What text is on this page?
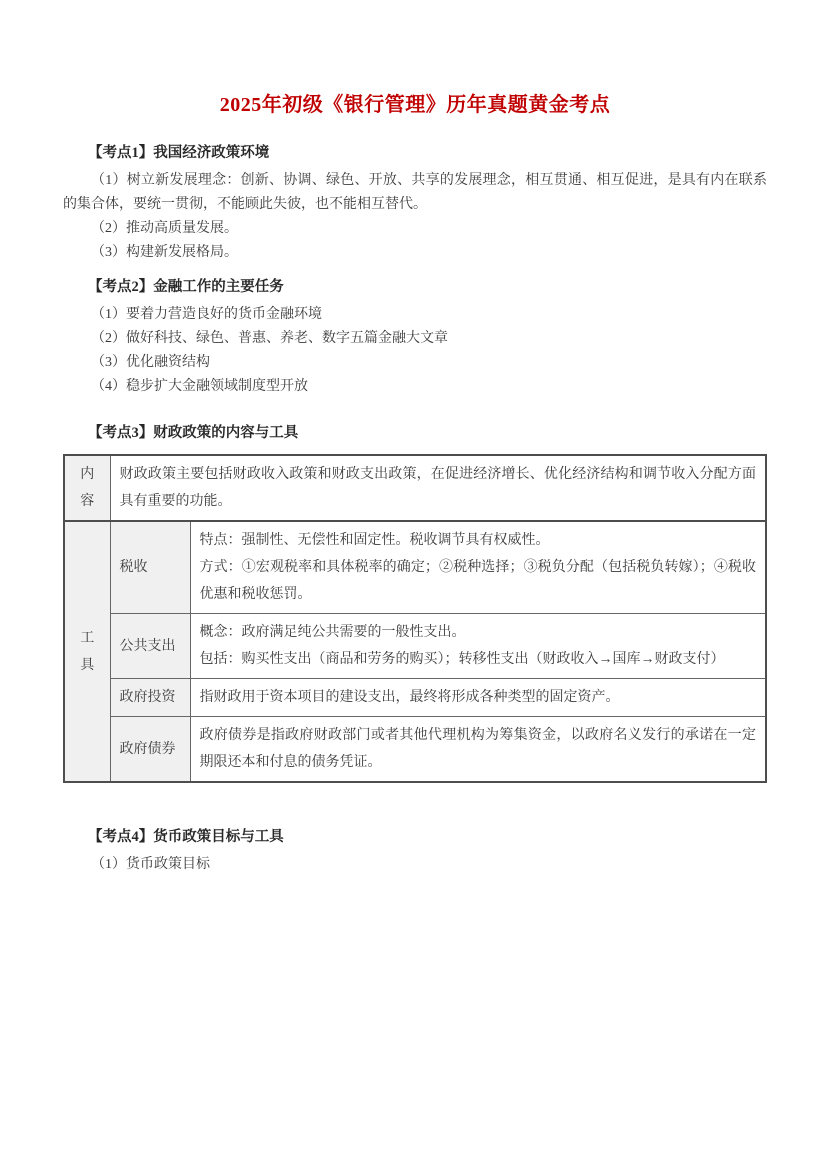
2025年初级《银行管理》历年真题黄金考点
【考点1】我国经济政策环境

（1）树立新发展理念：创新、协调、绿色、开放、共享的发展理念，相互贯通、相互促进，是具有内在联系的集合体，要统一贯彻，不能顾此失彼，也不能相互替代。

（2）推动高质量发展。

（3）构建新发展格局。

【考点2】金融工作的主要任务

（1）要着力营造良好的货币金融环境

（2）做好科技、绿色、普惠、养老、数字五篇金融大文章

（3）优化融资结构

（4）稳步扩大金融领域制度型开放

【考点3】财政政策的内容与工具
内容	财政政策主要包括财政收入政策和财政支出政策，在促进经济增长、优化经济结构和调节收入分配方面具有重要的功能。	
工具	税收	特点：强制性、无偿性和固定性。税收调节具有权威性。
方式：①宏观税率和具体税率的确定；②税种选择；③税负分配（包括税负转嫁）；④税收优惠和税收惩罚。

	公共支出	概念：政府满足纯公共需要的一般性支出。
包括：购买性支出（商品和劳务的购买）；转移性支出（财政收入→国库→财政支付）

	政府投资	指财政用于资本项目的建设支出，最终将形成各种类型的固定资产。

	政府债券	政府债券是指政府财政部门或者其他代理机构为筹集资金，以政府名义发行的承诺在一定期限还本和付息的债务凭证。
【考点4】货币政策目标与工具

（1）货币政策目标
